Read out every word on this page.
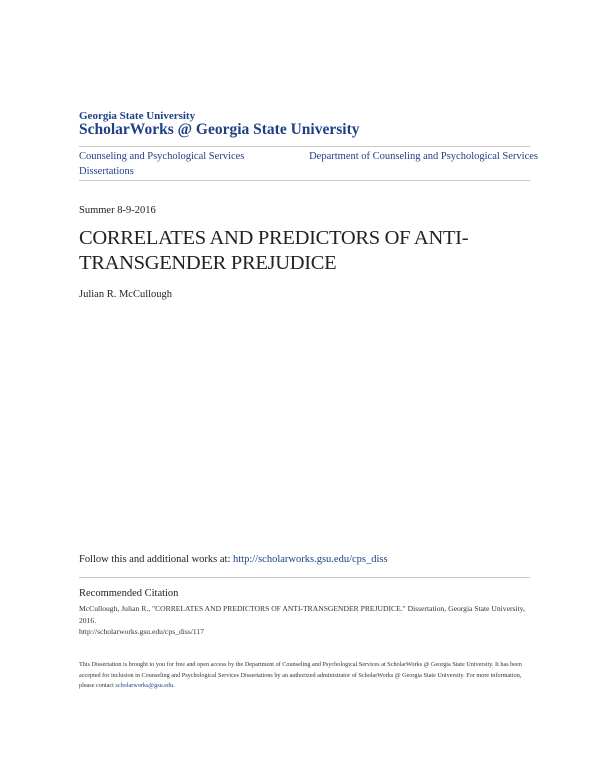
Georgia State University
ScholarWorks @ Georgia State University
Counseling and Psychological Services Dissertations
Department of Counseling and Psychological Services
Summer 8-9-2016
CORRELATES AND PREDICTORS OF ANTI-TRANSGENDER PREJUDICE
Julian R. McCullough
Follow this and additional works at: http://scholarworks.gsu.edu/cps_diss
Recommended Citation
McCullough, Julian R., "CORRELATES AND PREDICTORS OF ANTI-TRANSGENDER PREJUDICE." Dissertation, Georgia State University, 2016.
http://scholarworks.gsu.edu/cps_diss/117
This Dissertation is brought to you for free and open access by the Department of Counseling and Psychological Services at ScholarWorks @ Georgia State University. It has been accepted for inclusion in Counseling and Psychological Services Dissertations by an authorized administrator of ScholarWorks @ Georgia State University. For more information, please contact scholarworks@gsu.edu.
